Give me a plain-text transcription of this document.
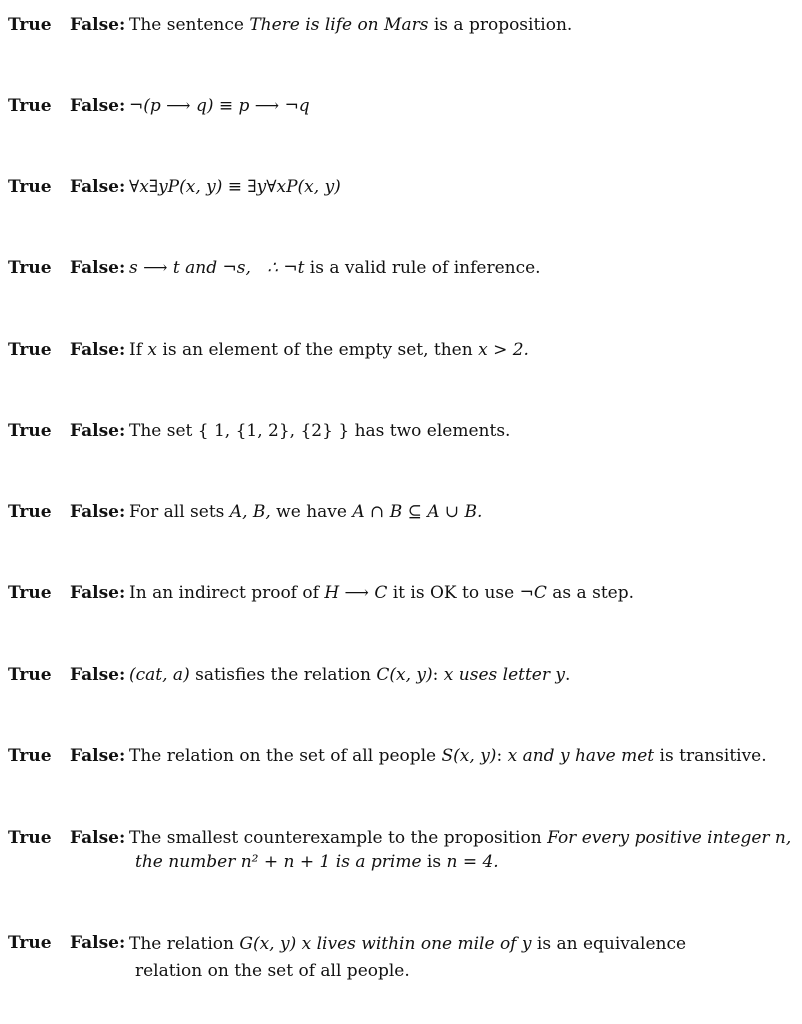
True False: The sentence There is life on Mars is a proposition.
True False: ¬(p ⟶ q) ≡ p ⟶ ¬q
True False: ∀x∃yP(x, y) ≡ ∃y∀xP(x, y)
True False: s ⟶ t and ¬s, ∴ ¬t is a valid rule of inference.
True False: If x is an element of the empty set, then x > 2.
True False: The set { 1, {1, 2}, {2} } has two elements.
True False: For all sets A, B, we have A ∩ B ⊆ A ∪ B.
True False: In an indirect proof of H ⟶ C it is OK to use ¬C as a step.
True False: (cat, a) satisfies the relation C(x, y): x uses letter y.
True False: The relation on the set of all people S(x, y): x and y have met is transitive.
True False: The smallest counterexample to the proposition For every positive integer n,
the number n² + n + 1 is a prime is n = 4.
True False: The relation G(x, y) x lives within one mile of y is an equivalence
relation on the set of all people.
